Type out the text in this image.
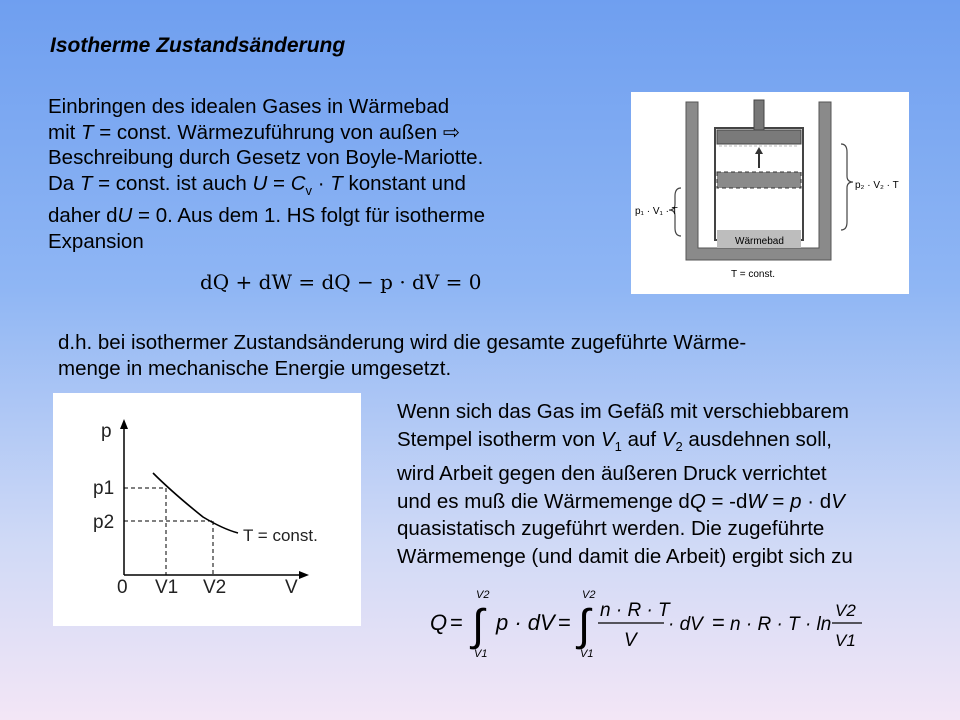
Isotherme Zustandsänderung
Einbringen des idealen Gases in Wärmebad
mit T = const. Wärmezuführung von außen ⇨
Beschreibung durch Gesetz von Boyle-Mariotte.
Da T = const. ist auch $U = C_v \cdot T$ konstant und
daher dU = 0. Aus dem 1. HS folgt für isotherme
Expansion
dQ + dW = dQ − p · dV = 0
d.h. bei isothermer Zustandsänderung wird die gesamte zugeführte Wärme-
menge in mechanische Energie umgesetzt.
Wenn sich das Gas im Gefäß mit verschiebbarem
Stempel isotherm von $V_1$ auf $V_2$ ausdehnen soll,
wird Arbeit gegen den äußeren Druck verrichtet
und es muß die Wärmemenge dQ = -dW = p · dV
quasistatisch zugeführt werden. Die zugeführte
Wärmemenge (und damit die Arbeit) ergibt sich zu
Q = ∫
V2
V1
p · dV = ∫
V2
V1
n · R · T
V
· dV = n · R · T · ln
V2
V1
p₂ · V₂ · T
p₁ · V₁ · T
Wärmebad
T = const.
p
V
0
p1
p2
V1 V2
T = const.
